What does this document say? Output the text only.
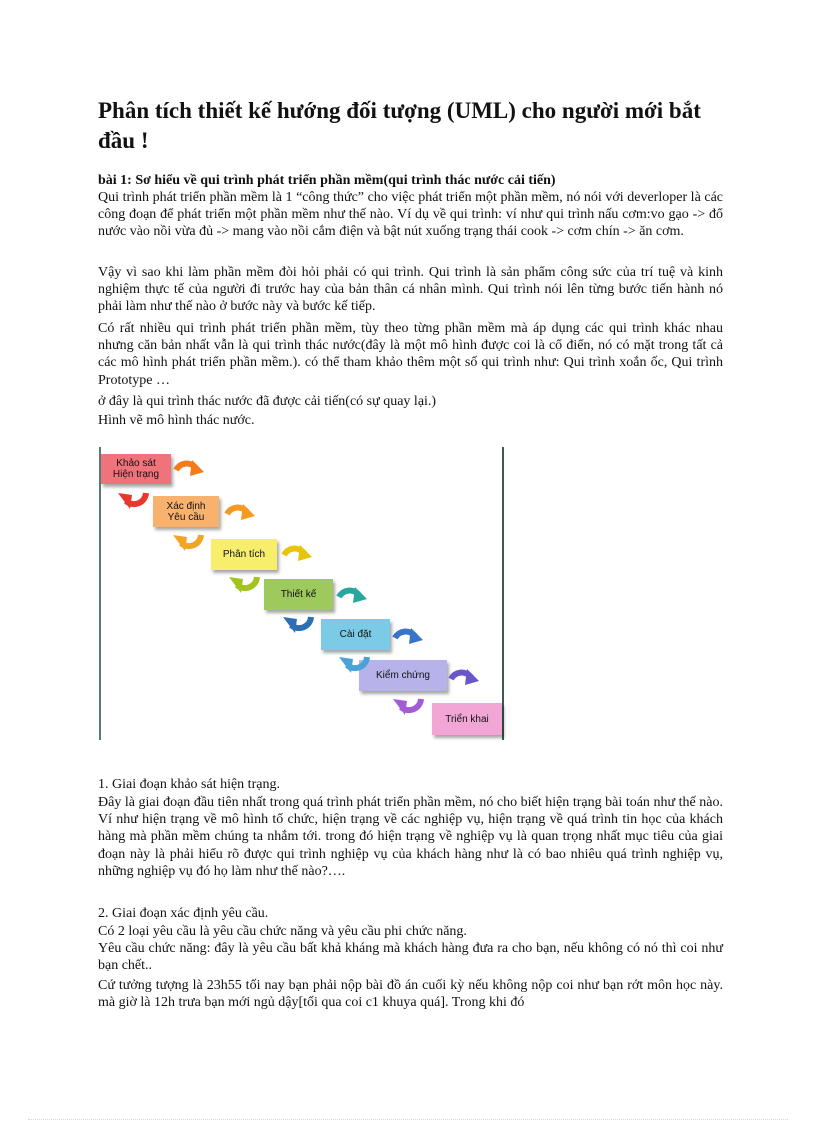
Phân tích thiết kế hướng đối tượng (UML) cho người mới bắt đầu !

bài 1: Sơ hiểu về qui trình phát triển phần mềm(qui trình thác nước cải tiến)

Qui trình phát triển phần mềm là 1 “công thức” cho việc phát triển một phần mềm, nó nói với deverloper là các công đoạn để phát triển một phần mềm như thế nào. Ví dụ về qui trình: ví như qui trình nấu cơm:vo gạo -> đổ nước vào nồi vừa đủ -> mang vào nồi cắm điện và bật nút xuống trạng thái cook -> cơm chín -> ăn cơm.

Vậy vì sao khi làm phần mềm đòi hỏi phải có qui trình. Qui trình là sản phẩm công sức của trí tuệ và kinh nghiệm thực tế của người đi trước hay của bản thân cá nhân mình. Qui trình nói lên từng bước tiến hành nó phải làm như thế nào ở bước này và bước kế tiếp.

Có rất nhiều qui trình phát triển phần mềm, tùy theo từng phần mềm mà áp dụng các qui trình khác nhau nhưng căn bản nhất vẫn là qui trình thác nước(đây là một mô hình được coi là cổ điển, nó có mặt trong tất cả các mô hình phát triển phần mềm.). có thể tham khảo thêm một số qui trình như: Qui trình xoắn ốc, Qui trình Prototype …

ở đây là qui trình thác nước đã được cải tiến(có sự quay lại.)

Hình vẽ mô hình thác nước.

Khảo sát Hiện trạng
Xác định Yêu cầu
Phân tích
Thiết kế
Cài đặt
Kiểm chứng
Triển khai

1. Giai đoạn khảo sát hiện trạng.

Đây là giai đoạn đầu tiên nhất trong quá trình phát triển phần mềm, nó cho biết hiện trạng bài toán như thế nào. Ví như hiện trạng về mô hình tổ chức, hiện trạng về các nghiệp vụ, hiện trạng về quá trình tin học của khách hàng mà phần mềm chúng ta nhắm tới. trong đó hiện trạng về nghiệp vụ là quan trọng nhất mục tiêu của giai đoạn này là phải hiểu rõ được qui trình nghiệp vụ của khách hàng như là có bao nhiêu quá trình nghiệp vụ, những nghiệp vụ đó họ làm như thế nào?….

2. Giai đoạn xác định yêu cầu.

Có 2 loại yêu cầu là yêu cầu chức năng và yêu cầu phi chức năng.

Yêu cầu chức năng: đây là yêu cầu bất khả kháng mà khách hàng đưa ra cho bạn, nếu không có nó thì coi như bạn chết..

Cứ tưởng tượng là 23h55 tối nay bạn phải nộp bài đồ án cuối kỳ nếu không nộp coi như bạn rớt môn học này. mà giờ là 12h trưa bạn mới ngủ dậy[tối qua coi c1 khuya quá]. Trong khi đó
